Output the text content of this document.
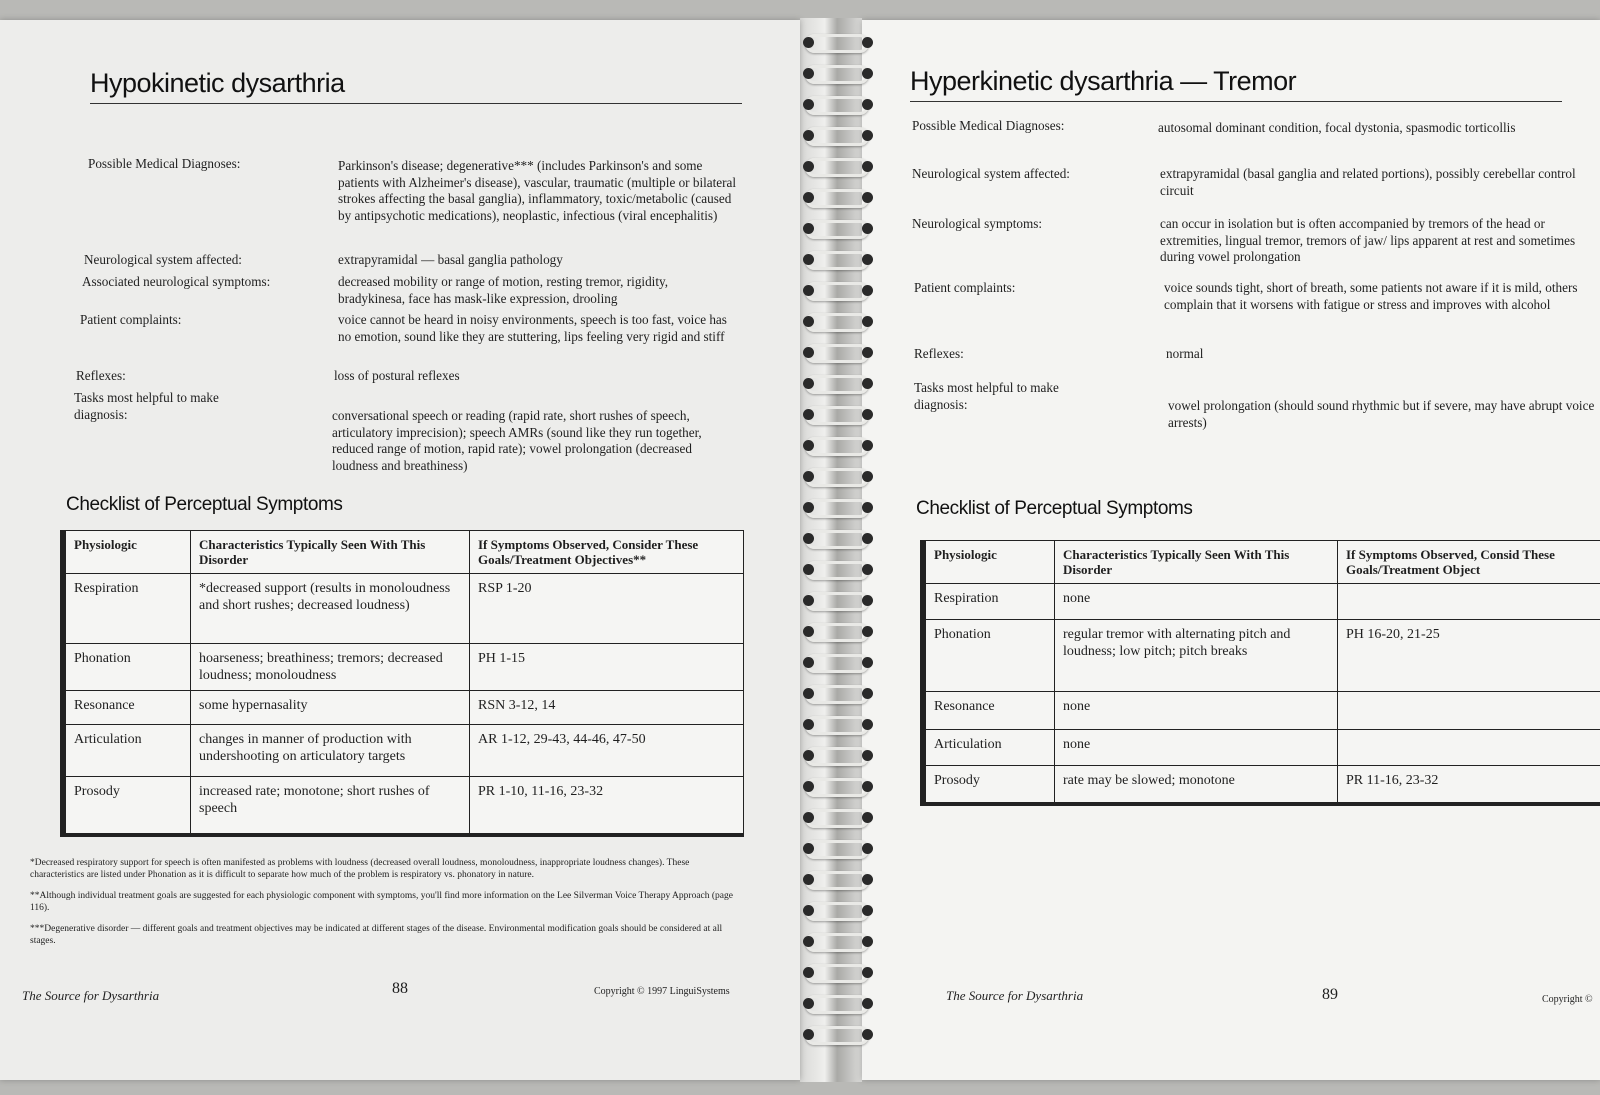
Hypokinetic dysarthria
Possible Medical Diagnoses:	Parkinson's disease; degenerative*** (includes Parkinson's and some patients with Alzheimer's disease), vascular, traumatic (multiple or bilateral strokes affecting the basal ganglia), inflammatory, toxic/metabolic (caused by antipsychotic medications), neoplastic, infectious (viral encephalitis)
Neurological system affected:	extrapyramidal — basal ganglia pathology
Associated neurological symptoms:	decreased mobility or range of motion, resting tremor, rigidity, bradykinesa, face has mask-like expression, drooling
Patient complaints:	voice cannot be heard in noisy environments, speech is too fast, voice has no emotion, sound like they are stuttering, lips feeling very rigid and stiff
Reflexes:	loss of postural reflexes
Tasks most helpful to make diagnosis:	conversational speech or reading (rapid rate, short rushes of speech, articulatory imprecision); speech AMRs (sound like they run together, reduced range of motion, rapid rate); vowel prolongation (decreased loudness and breathiness)
Checklist of Perceptual Symptoms
Physiologic	Characteristics Typically Seen With This Disorder	If Symptoms Observed, Consider These Goals/Treatment Objectives**
Respiration	*decreased support (results in monoloudness and short rushes; decreased loudness)	RSP 1-20
Phonation	hoarseness; breathiness; tremors; decreased loudness; monoloudness	PH 1-15
Resonance	some hypernasality	RSN 3-12, 14
Articulation	changes in manner of production with undershooting on articulatory targets	AR 1-12, 29-43, 44-46, 47-50
Prosody	increased rate; monotone; short rushes of speech	PR 1-10, 11-16, 23-32

*Decreased respiratory support for speech is often manifested as problems with loudness (decreased overall loudness, monoloudness, inappropriate loudness changes). These characteristics are listed under Phonation as it is difficult to separate how much of the problem is respiratory vs. phonatory in nature.

**Although individual treatment goals are suggested for each physiologic component with symptoms, you'll find more information on the Lee Silverman Voice Therapy Approach (page 116).

***Degenerative disorder — different goals and treatment objectives may be indicated at different stages of the disease. Environmental modification goals should be considered at all stages.

The Source for Dysarthria	88	Copyright © 1997 LinguiSystems
Hyperkinetic dysarthria — Tremor
Possible Medical Diagnoses:	autosomal dominant condition, focal dystonia, spasmodic torticollis
Neurological system affected:	extrapyramidal (basal ganglia and related portions), possibly cerebellar control circuit
Neurological symptoms:	can occur in isolation but is often accompanied by tremors of the head or extremities, lingual tremor, tremors of jaw/ lips apparent at rest and sometimes during vowel prolongation
Patient complaints:	voice sounds tight, short of breath, some patients not aware if it is mild, others complain that it worsens with fatigue or stress and improves with alcohol
Reflexes:	normal
Tasks most helpful to make diagnosis:	vowel prolongation (should sound rhythmic but if severe, may have abrupt voice arrests)
Checklist of Perceptual Symptoms
Physiologic	Characteristics Typically Seen With This Disorder	If Symptoms Observed, Consid These Goals/Treatment Object
Respiration	none	
Phonation	regular tremor with alternating pitch and loudness; low pitch; pitch breaks	PH 16-20, 21-25
Resonance	none	
Articulation	none	
Prosody	rate may be slowed; monotone	PR 11-16, 23-32
The Source for Dysarthria	89	Copyright ©
